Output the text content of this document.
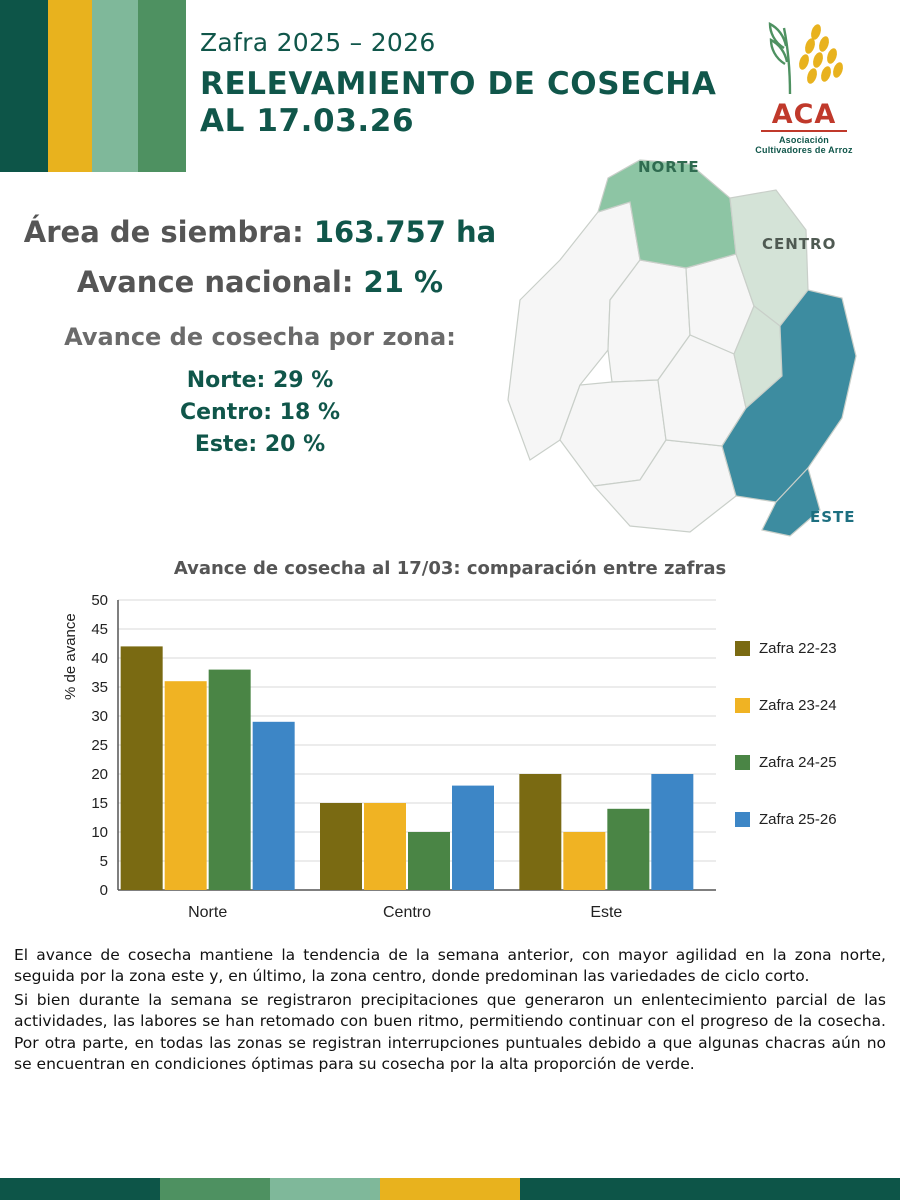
Zafra 2025 – 2026
RELEVAMIENTO DE COSECHA
AL 17.03.26	ACA
Asociación
Cultivadores de Arroz
Área de siembra: 163.757 ha
Avance nacional: 21 %
Avance de cosecha por zona:
Norte: 29 %
Centro: 18 %
Este: 20 %
NORTE
CENTRO
ESTE
Avance de cosecha al 17/03: comparación entre zafras
% de avance
0
5
10
15
20
25
30
35
40
45
50
Norte	Centro	Este
Zafra 22-23
Zafra 23-24
Zafra 24-25
Zafra 25-26

El avance de cosecha mantiene la tendencia de la semana anterior, con mayor agilidad en la zona norte, seguida por la zona este y, en último, la zona centro, donde predominan las variedades de ciclo corto.

Si bien durante la semana se registraron precipitaciones que generaron un enlentecimiento parcial de las actividades, las labores se han retomado con buen ritmo, permitiendo continuar con el progreso de la cosecha. Por otra parte, en todas las zonas se registran interrupciones puntuales debido a que algunas chacras aún no se encuentran en condiciones óptimas para su cosecha por la alta proporción de verde.
